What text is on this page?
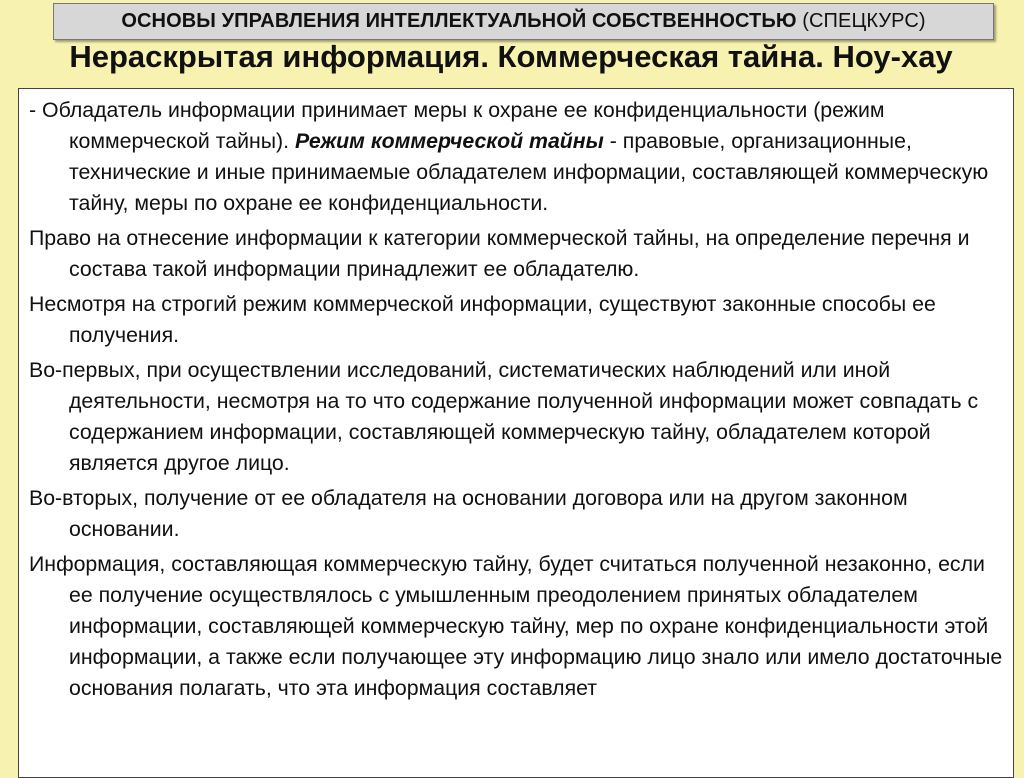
ОСНОВЫ УПРАВЛЕНИЯ ИНТЕЛЛЕКТУАЛЬНОЙ СОБСТВЕННОСТЬЮ (СПЕЦКУРС)
Нераскрытая информация. Коммерческая тайна. Ноу-хау

- Обладатель информации принимает меры к охране ее конфиденциальности (режим коммерческой тайны). Режим коммерческой тайны - правовые, организационные, технические и иные принимаемые обладателем информации, составляющей коммерческую тайну, меры по охране ее конфиденциальности.

Право на отнесение информации к категории коммерческой тайны, на определение перечня и состава такой информации принадлежит ее обладателю.

Несмотря на строгий режим коммерческой информации, существуют законные способы ее получения.

Во-первых, при осуществлении исследований, систематических наблюдений или иной деятельности, несмотря на то что содержание полученной информации может совпадать с содержанием информации, составляющей коммерческую тайну, обладателем которой является другое лицо.

Во-вторых, получение от ее обладателя на основании договора или на другом законном основании.

Информация, составляющая коммерческую тайну, будет считаться полученной незаконно, если ее получение осуществлялось с умышленным преодолением принятых обладателем информации, составляющей коммерческую тайну, мер по охране конфиденциальности этой информации, а также если получающее эту информацию лицо знало или имело достаточные основания полагать, что эта информация составляет
